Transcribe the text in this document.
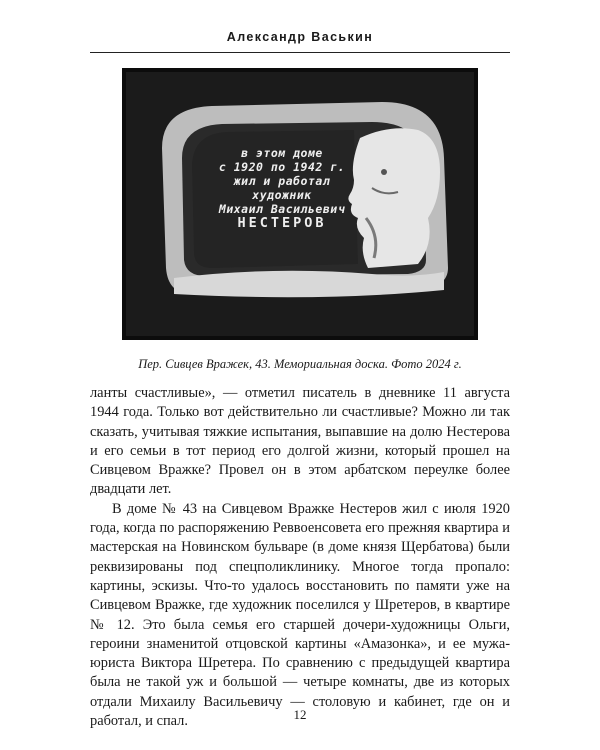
Александр Васькин
в этом доме
с 1920 по 1942 г.
жил и работал
художник
Михаил Васильевич
НЕСТЕРОВ
Пер. Сивцев Вражек, 43. Мемориальная доска. Фото 2024 г.

ланты счастливые», — отметил писатель в дневнике 11 августа 1944 года. Только вот действительно ли счастливые? Можно ли так сказать, учитывая тяжкие испытания, выпавшие на долю Нестерова и его семьи в тот период его долгой жизни, который прошел на Сивцевом Вражке? Провел он в этом арбатском переулке более двадцати лет.

В доме № 43 на Сивцевом Вражке Нестеров жил с июля 1920 года, когда по распоряжению Реввоенсовета его прежняя квартира и мастерская на Новинском бульваре (в доме князя Щербатова) были реквизированы под спецполиклинику. Многое тогда пропало: картины, эскизы. Что-то удалось восстановить по памяти уже на Сивцевом Вражке, где художник поселился у Шретеров, в квартире № 12. Это была семья его старшей дочери-художницы Ольги, героини знаменитой отцовской картины «Амазонка», и ее мужа-юриста Виктора Шретера. По сравнению с предыдущей квартира была не такой уж и большой — четыре комнаты, две из которых отдали Михаилу Васильевичу — столовую и кабинет, где он и работал, и спал.	12
